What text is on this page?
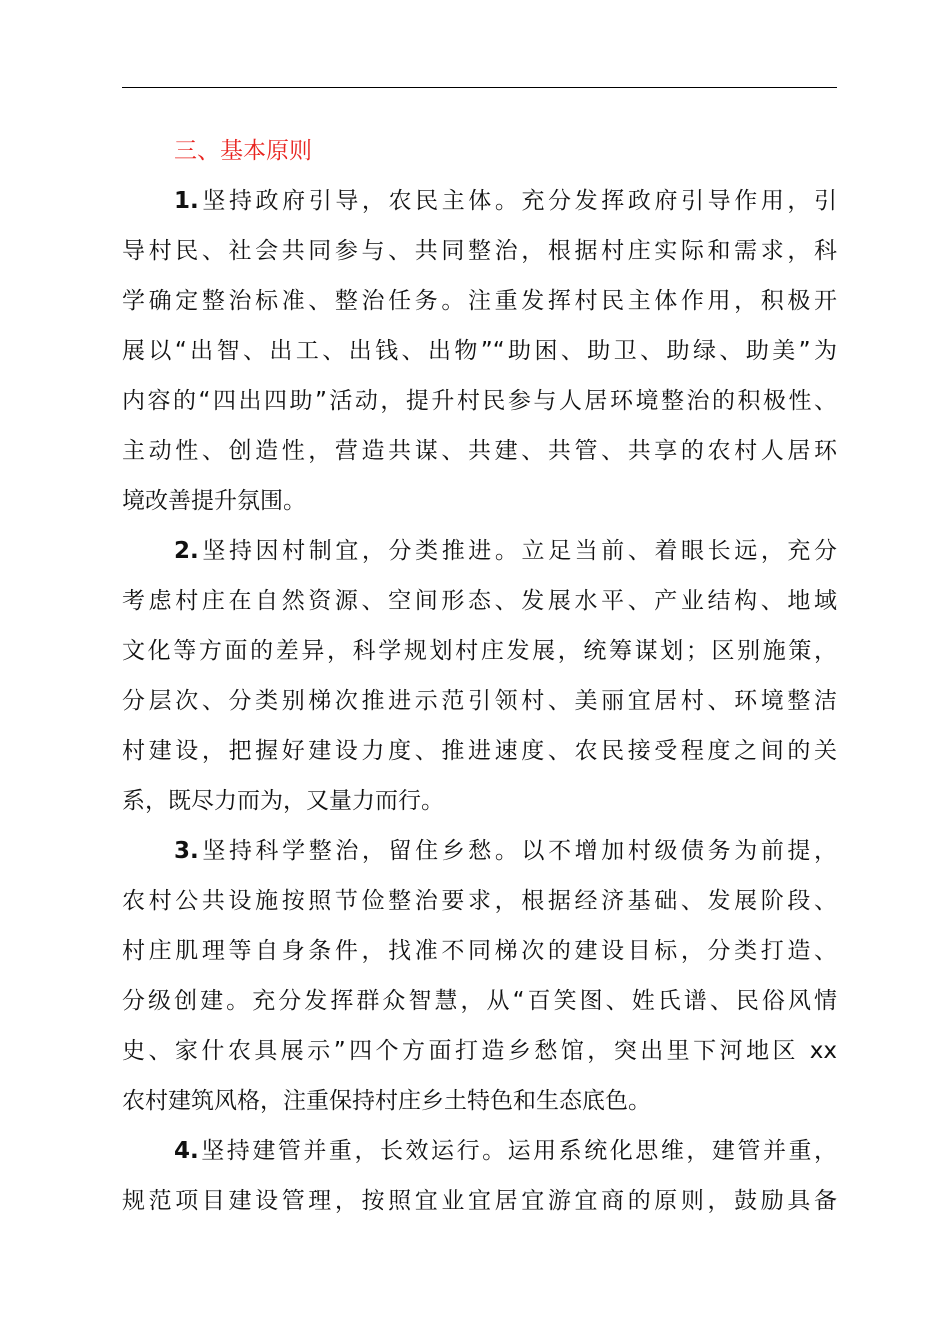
三、基本原则
1.坚持政府引导，农民主体。充分发挥政府引导作用，引
导村民、社会共同参与、共同整治，根据村庄实际和需求，科
学确定整治标准、整治任务。注重发挥村民主体作用，积极开
展以“出智、出工、出钱、出物”“助困、助卫、助绿、助美”为
内容的“四出四助”活动，提升村民参与人居环境整治的积极性、
主动性、创造性，营造共谋、共建、共管、共享的农村人居环
境改善提升氛围。
2.坚持因村制宜，分类推进。立足当前、着眼长远，充分
考虑村庄在自然资源、空间形态、发展水平、产业结构、地域
文化等方面的差异，科学规划村庄发展，统筹谋划；区别施策，
分层次、分类别梯次推进示范引领村、美丽宜居村、环境整洁
村建设，把握好建设力度、推进速度、农民接受程度之间的关
系，既尽力而为，又量力而行。
3.坚持科学整治，留住乡愁。以不增加村级债务为前提，
农村公共设施按照节俭整治要求，根据经济基础、发展阶段、
村庄肌理等自身条件，找准不同梯次的建设目标，分类打造、
分级创建。充分发挥群众智慧，从“百笑图、姓氏谱、民俗风情
史、家什农具展示”四个方面打造乡愁馆，突出里下河地区 xx
农村建筑风格，注重保持村庄乡土特色和生态底色。
4.坚持建管并重，长效运行。运用系统化思维，建管并重，
规范项目建设管理，按照宜业宜居宜游宜商的原则，鼓励具备
